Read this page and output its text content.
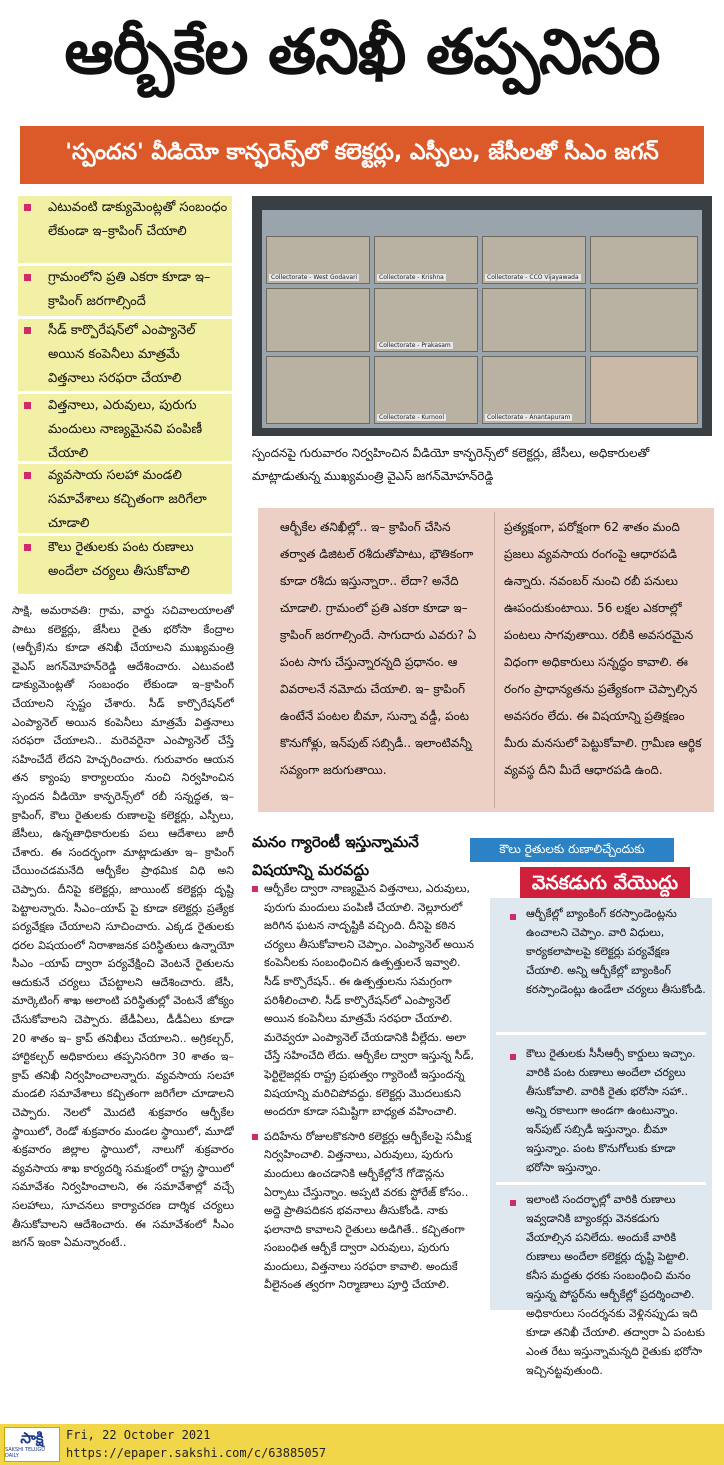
ఆర్బీకేల తనిఖీ తప్పనిసరి
'స్పందన' వీడియో కాన్ఫరెన్స్‌లో కలెక్టర్లు, ఎస్పీలు, జేసీలతో సీఎం జగన్
ఎటువంటి డాక్యుమెంట్లతో సంబంధం లేకుండా ఇ–క్రాపింగ్ చేయాలి
గ్రామంలోని ప్రతి ఎకరా కూడా ఇ– క్రాపింగ్ జరగాల్సిందే
సీడ్ కార్పొరేషన్‌లో ఎంప్యానెల్ అయిన కంపెనీలు మాత్రమే విత్తనాలు సరఫరా చేయాలి
విత్తనాలు, ఎరువులు, పురుగు మందులు నాణ్యమైనవి పంపిణీ చేయాలి
వ్యవసాయ సలహా మండలి సమావేశాలు కచ్చితంగా జరిగేలా చూడాలి
కౌలు రైతులకు పంట రుణాలు అందేలా చర్యలు తీసుకోవాలి
Collectorate - West Godavari	Collectorate - Krishna	Collectorate - CCO Vijayawada
Collectorate - Prakasam
Collectorate - Kurnool	Collectorate - Anantapuram
స్పందనపై గురువారం నిర్వహించిన వీడియో కాన్ఫరెన్స్‌లో కలెక్టర్లు, జేసీలు, అధికారులతో మాట్లాడుతున్న ముఖ్యమంత్రి వైఎస్ జగన్‌మోహన్‌రెడ్డి
ఆర్బీకేల తనిఖీల్లో.. ఇ– క్రాపింగ్ చేసిన తర్వాత డిజిటల్ రశీదుతోపాటు, భౌతికంగా కూడా రశీదు ఇస్తున్నారా.. లేదా? అనేది చూడాలి. గ్రామంలో ప్రతి ఎకరా కూడా ఇ– క్రాపింగ్ జరగాల్సిందే. సాగుదారు ఎవరు? ఏ పంట సాగు చేస్తున్నారన్నది ప్రధానం. ఆ వివరాలనే నమోదు చేయాలి. ఇ– క్రాపింగ్ ఉంటేనే పంటల బీమా, సున్నా వడ్డీ, పంట కొనుగోళ్లు, ఇన్‌పుట్ సబ్సిడీ.. ఇలాంటివన్నీ సవ్యంగా జరుగుతాయి.
ప్రత్యక్షంగా, పరోక్షంగా 62 శాతం మంది ప్రజలు వ్యవసాయ రంగంపై ఆధారపడి ఉన్నారు. నవంబర్ నుంచి రబీ పనులు ఊపందుకుంటాయి. 56 లక్షల ఎకరాల్లో పంటలు సాగవుతాయి. రబీకి అవసరమైన విధంగా అధికారులు సన్నద్ధం కావాలి. ఈ రంగం ప్రాధాన్యతను ప్రత్యేకంగా చెప్పాల్సిన అవసరం లేదు. ఈ విషయాన్ని ప్రతిక్షణం మీరు మనసులో పెట్టుకోవాలి. గ్రామీణ ఆర్థిక వ్యవస్థ దీని మీదే ఆధారపడి ఉంది.
సాక్షి, అమరావతి: గ్రామ, వార్డు సచివాలయాలతో పాటు కలెక్టర్లు, జేసీలు రైతు భరోసా కేంద్రాల (ఆర్బీకే)ను కూడా తనిఖీ చేయాలని ముఖ్యమంత్రి వైఎస్ జగన్‌మోహన్‌రెడ్డి ఆదేశించారు. ఎటువంటి డాక్యుమెంట్లతో సంబంధం లేకుండా ఇ–క్రాపింగ్ చేయాలని స్పష్టం చేశారు. సీడ్ కార్పొరేషన్‌లో ఎంప్యానెల్ అయిన కంపెనీలు మాత్రమే విత్తనాలు సరఫరా చేయాలని.. మరెవరైనా ఎంప్యానెల్ చేస్తే సహించేదే లేదని హెచ్చరించారు. గురువారం ఆయన తన క్యాంపు కార్యాలయం నుంచి నిర్వహించిన స్పందన వీడియో కాన్ఫరెన్స్‌లో రబీ సన్నద్ధత, ఇ–క్రాపింగ్, కౌలు రైతులకు రుణాలపై కలెక్టర్లు, ఎస్పీలు, జేసీలు, ఉన్నతాధికారులకు పలు ఆదేశాలు జారీ చేశారు. ఈ సందర్భంగా మాట్లాడుతూ ఇ– క్రాపింగ్ చేయించడమనేది ఆర్బీకేల ప్రాథమిక విధి అని చెప్పారు. దీనిపై కలెక్టర్లు, జాయింట్ కలెక్టర్లు దృష్టి పెట్టాలన్నారు. సీఎం–యాప్ పై కూడా కలెక్టర్లు ప్రత్యేక పర్యవేక్షణ చేయాలని సూచించారు. ఎక్కడ రైతులకు ధరల విషయంలో నిరాశాజనక పరిస్థితులు ఉన్నాయో సీఎం –యాప్ ద్వారా పర్యవేక్షించి వెంటనే రైతులను ఆదుకునే చర్యలు చేపట్టాలని ఆదేశించారు. జేసీ, మార్కెటింగ్ శాఖ అలాంటి పరిస్థితుల్లో వెంటనే జోక్యం చేసుకోవాలని చెప్పారు. జేడీఏలు, డీడీఏలు కూడా 20 శాతం ఇ– క్రాప్ తనిఖీలు చేయాలని.. అగ్రికల్చర్, హార్టికల్చర్ అధికారులు తప్పనిసరిగా 30 శాతం ఇ–క్రాప్ తనిఖీ నిర్వహించాలన్నారు. వ్యవసాయ సలహా మండలి సమావేశాలు కచ్చితంగా జరిగేలా చూడాలని చెప్పారు. నెలలో మొదటి శుక్రవారం ఆర్బీకేల స్థాయిలో, రెండో శుక్రవారం మండల స్థాయిలో, మూడో శుక్రవారం జిల్లాల స్థాయిలో, నాలుగో శుక్రవారం వ్యవసాయ శాఖ కార్యదర్శి సమక్షంలో రాష్ట్ర స్థాయిలో సమావేశం నిర్వహించాలని, ఈ సమావేశాల్లో వచ్చే సలహాలు, సూచనలు కార్యాచరణ దార్శిక చర్యలు తీసుకోవాలని ఆదేశించారు. ఈ సమావేశంలో సీఎం జగన్ ఇంకా ఏమన్నారంటే..
మనం గ్యారెంటీ ఇస్తున్నామనే విషయాన్ని మరవద్దు
కౌలు రైతులకు రుణాలిచ్చేందుకు
వెనకడుగు వేయొద్దు
ఆర్బీకేల ద్వారా నాణ్యమైన విత్తనాలు, ఎరువులు, పురుగు మందులు పంపిణీ చేయాలి. నెల్లూరులో జరిగిన ఘటన నాదృష్టికి వచ్చింది. దీనిపై కఠిన చర్యలు తీసుకోవాలని చెప్పాం. ఎంప్యానెల్ అయిన కంపెనీలకు సంబంధించిన ఉత్పత్తులనే ఇవ్వాలి. సీడ్ కార్పొరేషన్.. ఈ ఉత్పత్తులను సమగ్రంగా పరిశీలించాలి. సీడ్ కార్పొరేషన్‌లో ఎంప్యానెల్ అయిన కంపెనీలు మాత్రమే సరఫరా చేయాలి. మరెవ్వరూ ఎంప్యానెల్ చేయడానికి వీల్లేదు. అలా చేస్తే సహించేది లేదు. ఆర్బీకేల ద్వారా ఇస్తున్న సీడ్, ఫెర్టిలైజర్లకు రాష్ట్ర ప్రభుత్వం గ్యారెంటీ ఇస్తుందన్న విషయాన్ని మరిచిపోవద్దు. కలెక్టర్లు మొదలుకుని అందరూ కూడా సమిష్టిగా బాధ్యత వహించాలి.
పదిహేను రోజులకొకసారి కలెక్టర్లు ఆర్బీకేలపై సమీక్ష నిర్వహించాలి. విత్తనాలు, ఎరువులు, పురుగు మందులు ఉంచడానికి ఆర్బీకేల్లోనే గోడౌన్లను ఏర్పాటు చేస్తున్నాం. అప్పటి వరకు స్టోరేజ్ కోసం.. అద్దె ప్రాతిపదికన భవనాలు తీసుకోండి. నాకు ఫలానాది కావాలని రైతులు అడిగితే.. కచ్చితంగా సంబంధిత ఆర్బీకే ద్వారా ఎరువులు, పురుగు మందులు, విత్తనాలు సరఫరా కావాలి. అందుకే వీలైనంత త్వరగా నిర్మాణాలు పూర్తి చేయాలి.
ఆర్బీకేల్లో బ్యాంకింగ్ కరస్పాండెంట్లను ఉంచాలని చెప్పాం. వారి విధులు, కార్యకలాపాలపై కలెక్టర్లు పర్యవేక్షణ చేయాలి. అన్ని ఆర్బీకేల్లో బ్యాంకింగ్ కరస్పాండెంట్లు ఉండేలా చర్యలు తీసుకోండి.
కౌలు రైతులకు సీసీఆర్సీ కార్డులు ఇచ్చాం. వారికి పంట రుణాలు అందేలా చర్యలు తీసుకోవాలి. వారికి రైతు భరోసా సహా.. అన్ని రకాలుగా అండగా ఉంటున్నాం. ఇన్‌పుట్ సబ్సిడీ ఇస్తున్నాం. బీమా ఇస్తున్నాం. పంట కొనుగోలుకు కూడా భరోసా ఇస్తున్నాం.
ఇలాంటి సందర్భాల్లో వారికి రుణాలు ఇవ్వడానికి బ్యాంకర్లు వెనకడుగు వేయాల్సిన పనిలేదు. అందుకే వారికి రుణాలు అందేలా కలెక్టర్లు దృష్టి పెట్టాలి. కనీస మద్దతు ధరకు సంబంధించి మనం ఇస్తున్న పోస్టర్‌ను ఆర్బీకేల్లో ప్రదర్శించాలి. అధికారులు సందర్శనకు వెళ్లినప్పుడు ఇది కూడా తనిఖీ చేయాలి. తద్వారా ఏ పంటకు ఎంత రేటు ఇస్తున్నామన్నది రైతుకు భరోసా ఇచ్చినట్టవుతుంది.
సాక్షి
SAKSHI TELUGU DAILY
Fri, 22 October 2021
https://epaper.sakshi.com/c/63885057
